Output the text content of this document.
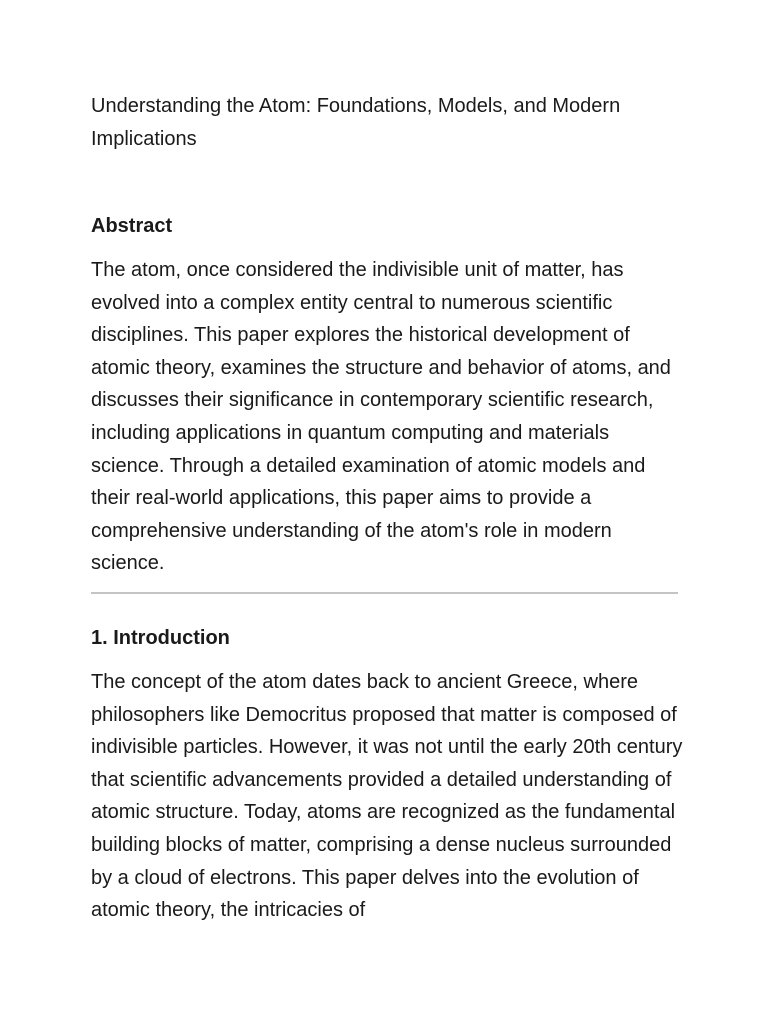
Understanding the Atom: Foundations, Models, and Modern Implications
Abstract

The atom, once considered the indivisible unit of matter, has evolved into a complex entity central to numerous scientific disciplines. This paper explores the historical development of atomic theory, examines the structure and behavior of atoms, and discusses their significance in contemporary scientific research, including applications in quantum computing and materials science. Through a detailed examination of atomic models and their real-world applications, this paper aims to provide a comprehensive understanding of the atom's role in modern science.

1. Introduction

The concept of the atom dates back to ancient Greece, where philosophers like Democritus proposed that matter is composed of indivisible particles. However, it was not until the early 20th century that scientific advancements provided a detailed understanding of atomic structure. Today, atoms are recognized as the fundamental building blocks of matter, comprising a dense nucleus surrounded by a cloud of electrons. This paper delves into the evolution of atomic theory, the intricacies of
